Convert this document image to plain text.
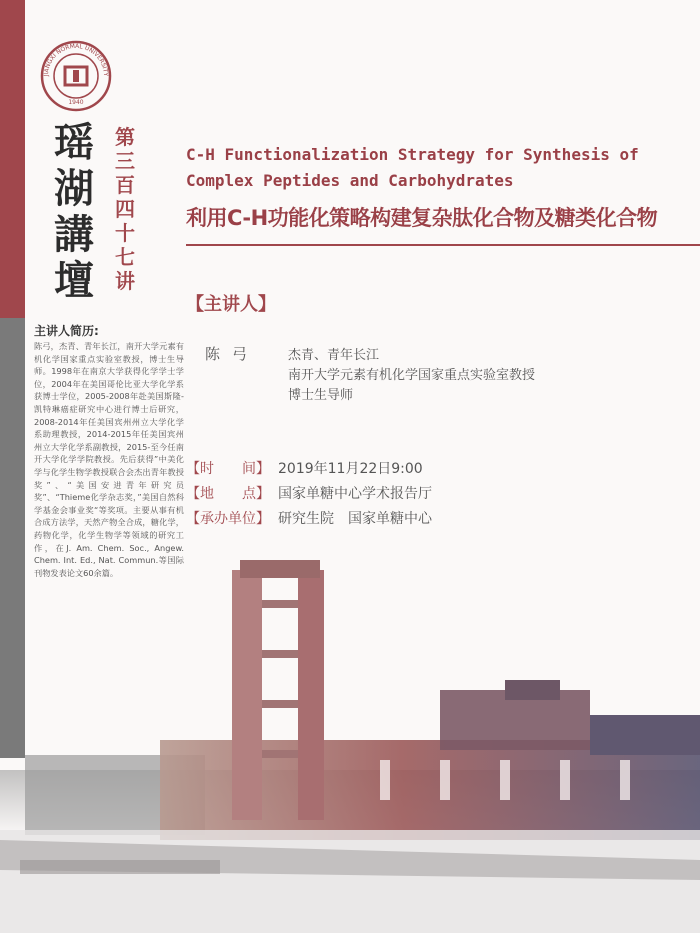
JIANGXI NORMAL UNIVERSITY
1940
瑶
湖
講
壇
第
三
百
四
十
七
讲
主讲人简历:
陈弓，杰青、青年长江，南开大学元素有机化学国家重点实验室教授，博士生导师。1998年在南京大学获得化学学士学位，2004年在美国哥伦比亚大学化学系获博士学位，2005-2008年赴美国斯隆-凯特琳癌症研究中心进行博士后研究，2008-2014年任美国宾州州立大学化学系助理教授，2014-2015年任美国宾州州立大学化学系副教授，2015-至今任南开大学化学学院教授。先后获得”中美化学与化学生物学教授联合会杰出青年教授奖”、“美国安进青年研究员奖”、“Thieme化学杂志奖，”美国自然科学基金会事业奖“等奖项。主要从事有机合成方法学，天然产物全合成，糖化学，药物化学，化学生物学等领域的研究工作，在J. Am. Chem. Soc., Angew. Chem. Int. Ed., Nat. Commun.等国际刊物发表论文60余篇。
C-H Functionalization Strategy for Synthesis of
Complex Peptides and Carbohydrates
利用C-H功能化策略构建复杂肽化合物及糖类化合物
【主讲人】
陈弓 杰青、青年长江
南开大学元素有机化学国家重点实验室教授
博士生导师
【时　　间】 2019年11月22日9:00
【地　　点】 国家单糖中心学术报告厅
【承办单位】 研究生院　国家单糖中心
